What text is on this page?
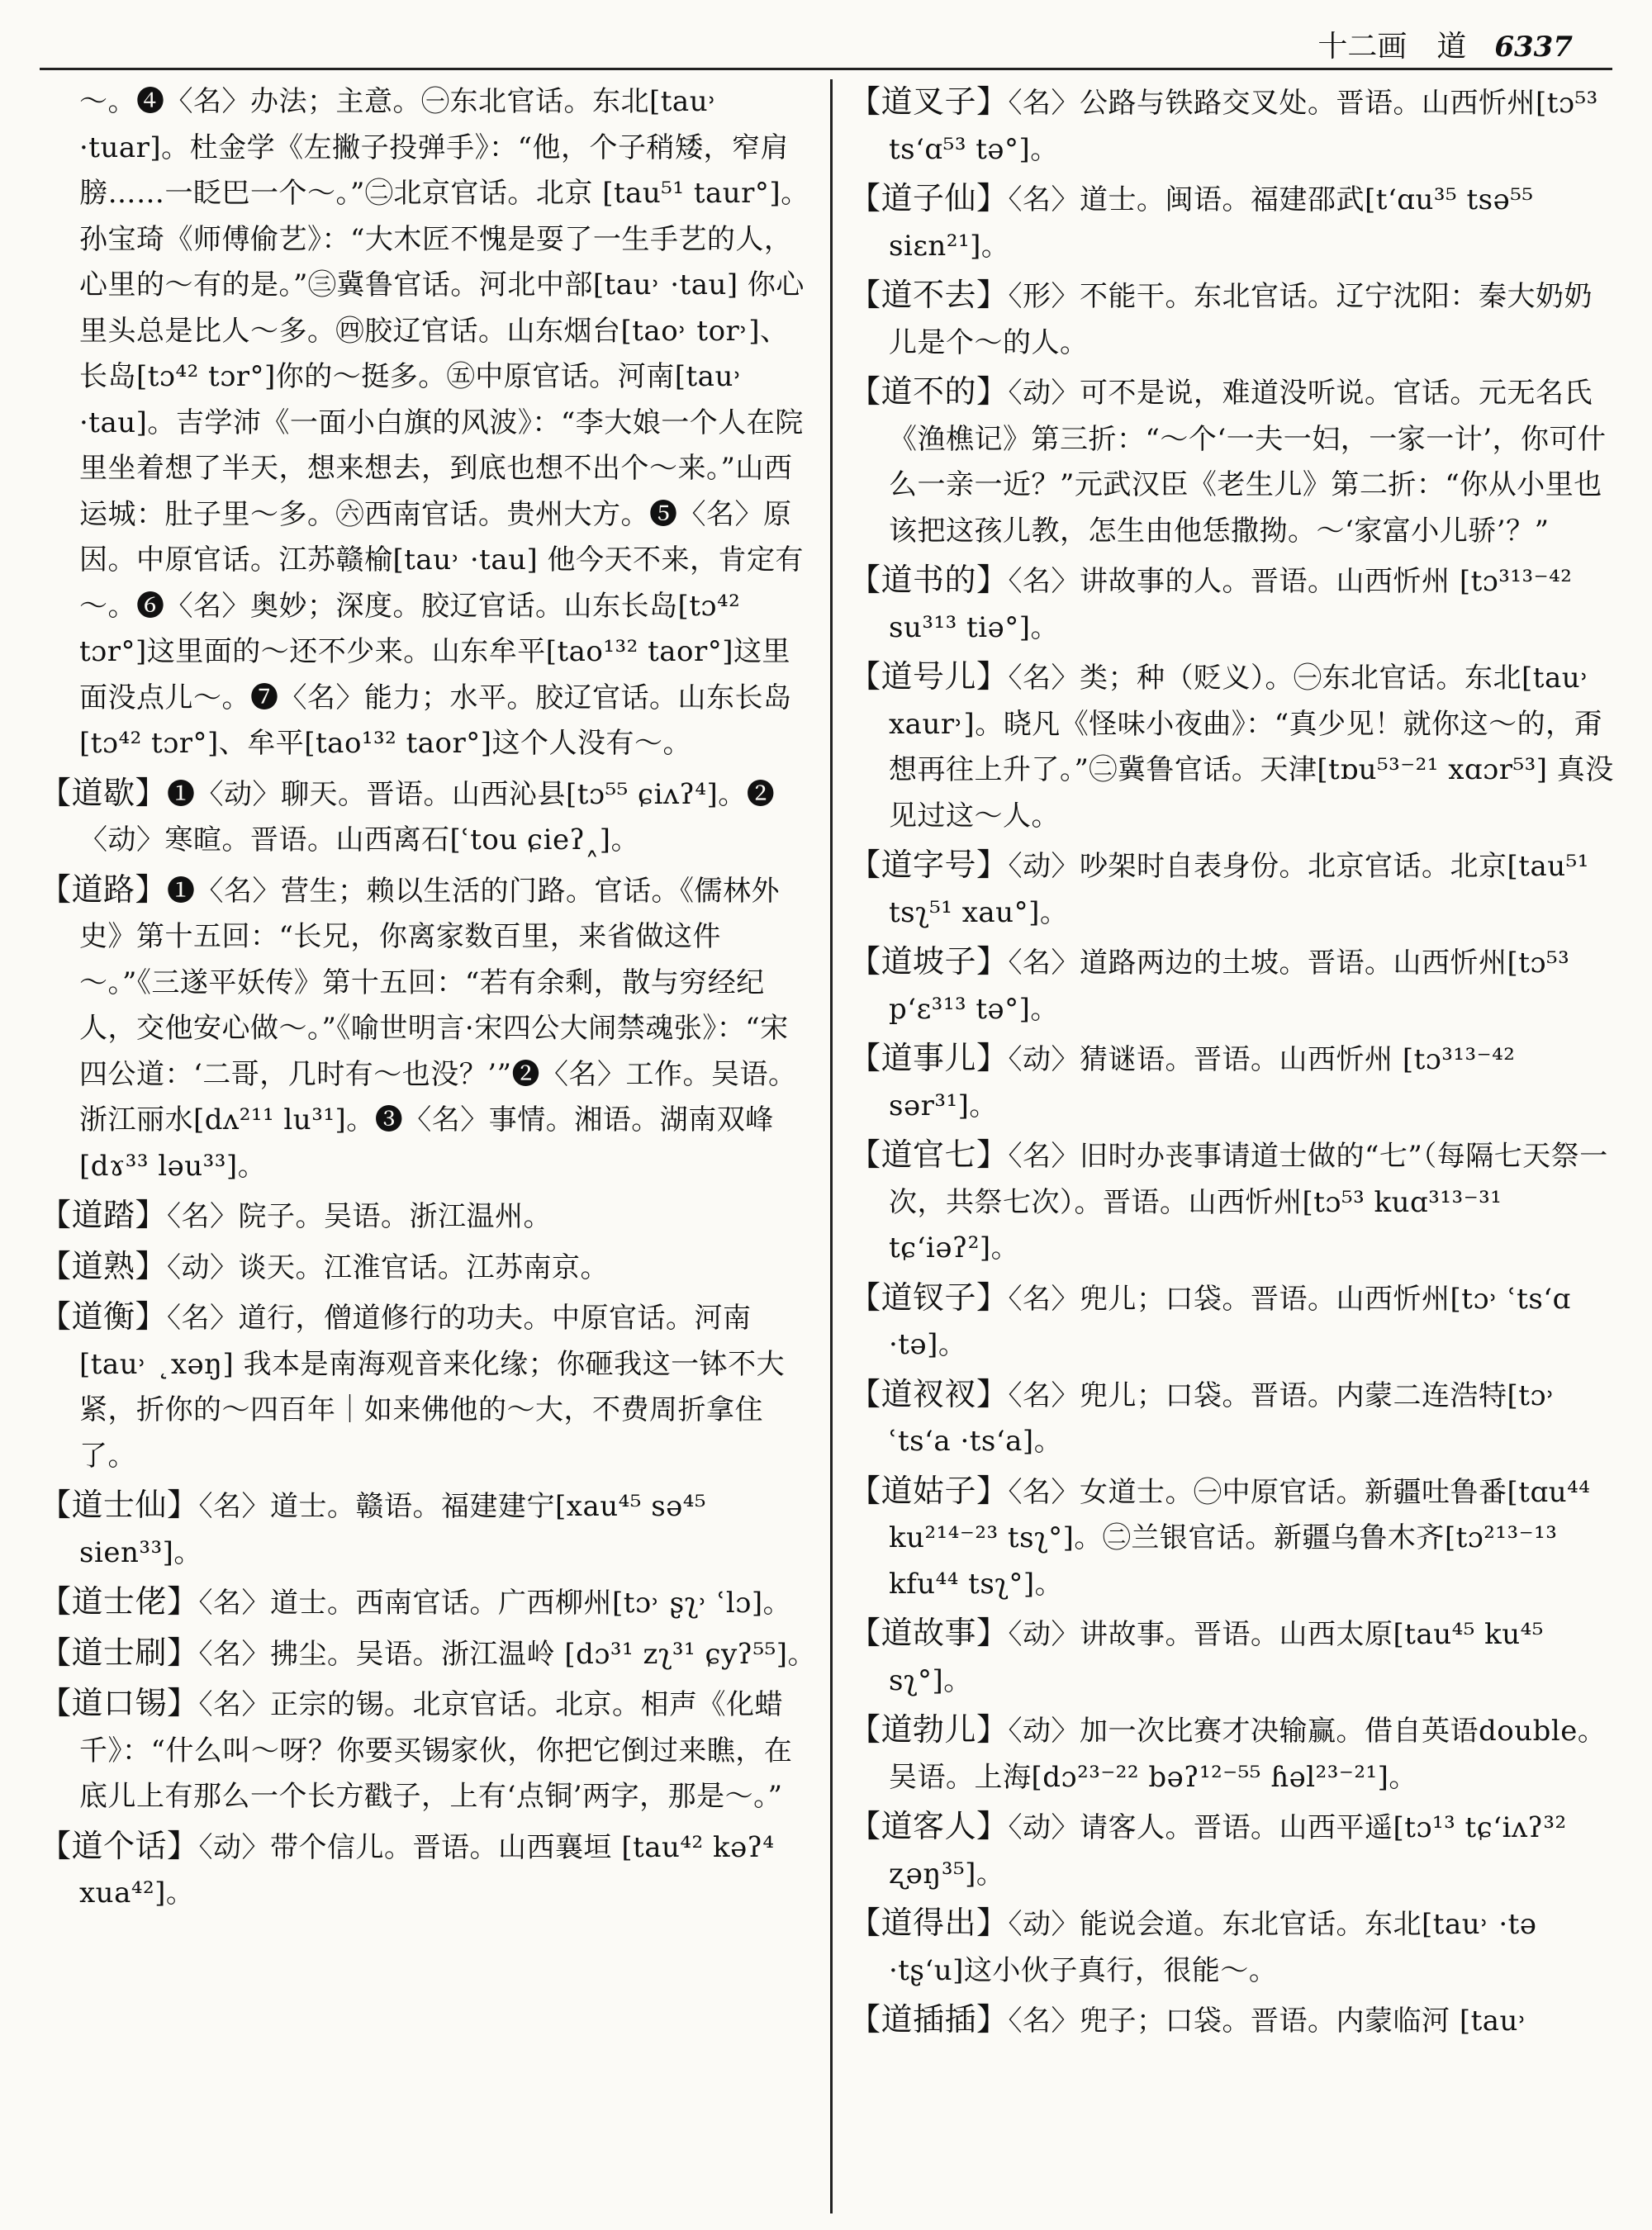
十二画　道 6337

～。❹〈名〉办法；主意。㊀东北官话。东北[tau˒ ·tuar]。杜金学《左撇子投弹手》：“他，个子稍矮，窄肩膀……一眨巴一个～。”㊁北京官话。北京 [tau⁵¹ taur°]。孙宝琦《师傅偷艺》：“大木匠不愧是耍了一生手艺的人，心里的～有的是。”㊂冀鲁官话。河北中部[tau˒ ·tau] 你心里头总是比人～多。㊃胶辽官话。山东烟台[tao˒ tor˒]、长岛[tɔ⁴² tɔr°]你的～挺多。㊄中原官话。河南[tau˒ ·tau]。吉学沛《一面小白旗的风波》：“李大娘一个人在院里坐着想了半天，想来想去，到底也想不出个～来。”山西运城：肚子里～多。㊅西南官话。贵州大方。❺〈名〉原因。中原官话。江苏赣榆[tau˒ ·tau] 他今天不来，肯定有～。❻〈名〉奥妙；深度。胶辽官话。山东长岛[tɔ⁴² tɔr°]这里面的～还不少来。山东牟平[tao¹³² taor°]这里面没点儿～。❼〈名〉能力；水平。胶辽官话。山东长岛[tɔ⁴² tɔr°]、牟平[tao¹³² taor°]这个人没有～。

【道歇】❶〈动〉聊天。晋语。山西沁县[tɔ⁵⁵ ɕiʌʔ⁴]。❷〈动〉寒暄。晋语。山西离石[ʿtou ɕieʔ˰]。

【道路】❶〈名〉营生；赖以生活的门路。官话。《儒林外史》第十五回：“长兄，你离家数百里，来省做这件～。”《三遂平妖传》第十五回：“若有余剩，散与穷经纪人，交他安心做～。”《喻世明言·宋四公大闹禁魂张》：“宋四公道：‘二哥，几时有～也没？’”❷〈名〉工作。吴语。浙江丽水[dʌ²¹¹ lu³¹]。❸〈名〉事情。湘语。湖南双峰[dɤ³³ ləu³³]。

【道踏】〈名〉院子。吴语。浙江温州。

【道熟】〈动〉谈天。江淮官话。江苏南京。

【道衡】〈名〉道行，僧道修行的功夫。中原官话。河南[tau˒ ˛xəŋ] 我本是南海观音来化缘；你砸我这一钵不大紧，折你的～四百年｜如来佛他的～大，不费周折拿住了。

【道士仙】〈名〉道士。赣语。福建建宁[xau⁴⁵ sə⁴⁵ sien³³]。

【道士佬】〈名〉道士。西南官话。广西柳州[tɔ˒ ʂʅ˒ ʿlɔ]。

【道士刷】〈名〉拂尘。吴语。浙江温岭 [dɔ³¹ zʅ³¹ ɕyʔ⁵⁵]。

【道口锡】〈名〉正宗的锡。北京官话。北京。相声《化蜡千》：“什么叫～呀？你要买锡家伙，你把它倒过来瞧，在底儿上有那么一个长方戳子，上有‘点铜’两字，那是～。”

【道个话】〈动〉带个信儿。晋语。山西襄垣 [tau⁴² kəʔ⁴ xua⁴²]。

【道叉子】〈名〉公路与铁路交叉处。晋语。山西忻州[tɔ⁵³ tsʻɑ⁵³ tə°]。

【道子仙】〈名〉道士。闽语。福建邵武[tʻɑu³⁵ tsə⁵⁵ siɛn²¹]。

【道不去】〈形〉不能干。东北官话。辽宁沈阳：秦大奶奶儿是个～的人。

【道不的】〈动〉可不是说，难道没听说。官话。元无名氏《渔樵记》第三折：“～个‘一夫一妇，一家一计’，你可什么一亲一近？”元武汉臣《老生儿》第二折：“你从小里也该把这孩儿教，怎生由他恁撒拗。～‘家富小儿骄’？”

【道书的】〈名〉讲故事的人。晋语。山西忻州 [tɔ³¹³⁻⁴² su³¹³ tiə°]。

【道号儿】〈名〉类；种（贬义）。㊀东北官话。东北[tau˒ xaur˒]。晓凡《怪味小夜曲》：“真少见！就你这～的，甭想再往上升了。”㊁冀鲁官话。天津[tɒu⁵³⁻²¹ xɑɔr⁵³] 真没见过这～人。

【道字号】〈动〉吵架时自表身份。北京官话。北京[tau⁵¹ tsʅ⁵¹ xau°]。

【道坡子】〈名〉道路两边的土坡。晋语。山西忻州[tɔ⁵³ pʻɛ³¹³ tə°]。

【道事儿】〈动〉猜谜语。晋语。山西忻州 [tɔ³¹³⁻⁴² sər³¹]。

【道官七】〈名〉旧时办丧事请道士做的“七”（每隔七天祭一次，共祭七次）。晋语。山西忻州[tɔ⁵³ kuɑ³¹³⁻³¹ tɕʻiəʔ²]。

【道钗子】〈名〉兜儿；口袋。晋语。山西忻州[tɔ˒ ʿtsʻɑ ·tə]。

【道衩衩】〈名〉兜儿；口袋。晋语。内蒙二连浩特[tɔ˒ ʿtsʻa ·tsʻa]。

【道姑子】〈名〉女道士。㊀中原官话。新疆吐鲁番[tɑu⁴⁴ ku²¹⁴⁻²³ tsʅ°]。㊁兰银官话。新疆乌鲁木齐[tɔ²¹³⁻¹³ kfu⁴⁴ tsʅ°]。

【道故事】〈动〉讲故事。晋语。山西太原[tau⁴⁵ ku⁴⁵ sʅ°]。

【道勃儿】〈动〉加一次比赛才决输赢。借自英语double。吴语。上海[dɔ²³⁻²² bəʔ¹²⁻⁵⁵ ɦəl²³⁻²¹]。

【道客人】〈动〉请客人。晋语。山西平遥[tɔ¹³ tɕʻiʌʔ³² ʐəŋ³⁵]。

【道得出】〈动〉能说会道。东北官话。东北[tau˒ ·tə ·tʂʻu]这小伙子真行，很能～。

【道插插】〈名〉兜子；口袋。晋语。内蒙临河 [tau˒
